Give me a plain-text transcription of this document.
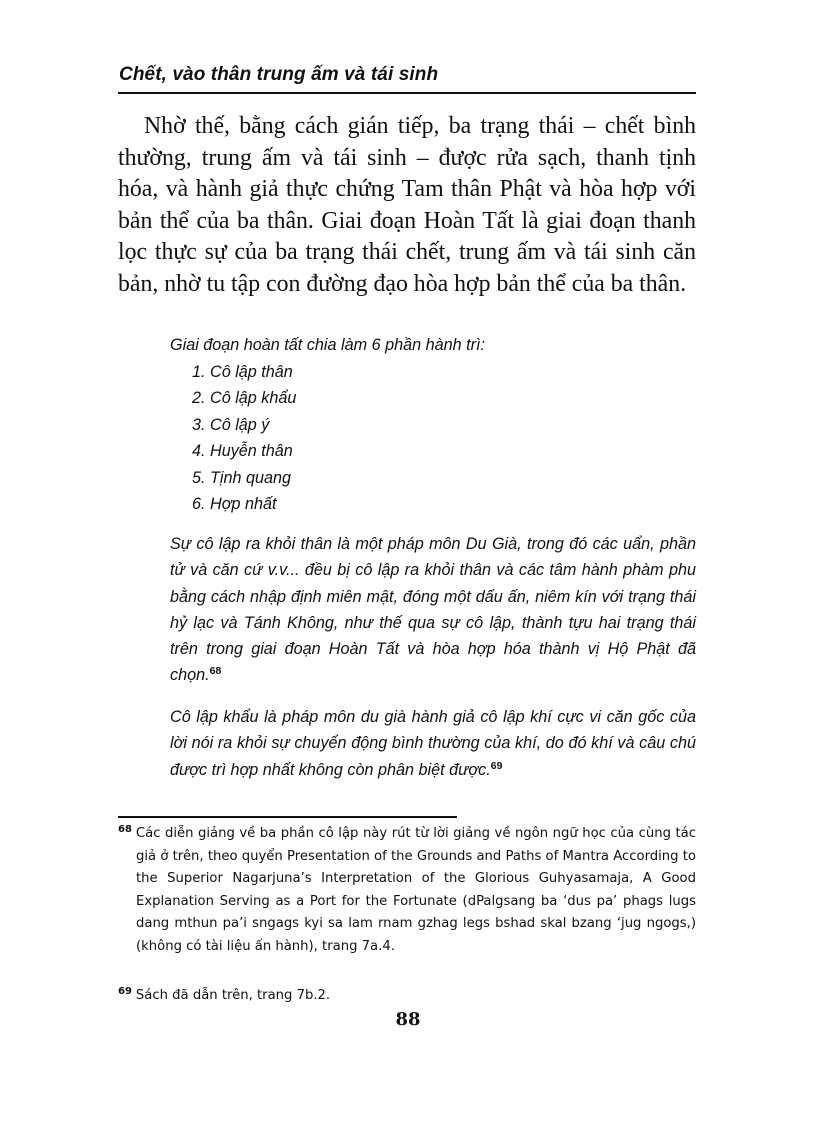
Chết, vào thân trung ấm và tái sinh

Nhờ thế, bằng cách gián tiếp, ba trạng thái – chết bình thường, trung ấm và tái sinh – được rửa sạch, thanh tịnh hóa, và hành giả thực chứng Tam thân Phật và hòa hợp với bản thể của ba thân. Giai đoạn Hoàn Tất là giai đoạn thanh lọc thực sự của ba trạng thái chết, trung ấm và tái sinh căn bản, nhờ tu tập con đường đạo hòa hợp bản thể của ba thân.

Giai đoạn hoàn tất chia làm 6 phần hành trì:

1. Cô lập thân
2. Cô lập khẩu
3. Cô lập ý
4. Huyễn thân
5. Tịnh quang
6. Hợp nhất

Sự cô lập ra khỏi thân là một pháp môn Du Già, trong đó các uẩn, phần tử và căn cứ v.v... đều bị cô lập ra khỏi thân và các tâm hành phàm phu bằng cách nhập định miên mật, đóng một dấu ấn, niêm kín với trạng thái hỷ lạc và Tánh Không, như thế qua sự cô lập, thành tựu hai trạng thái trên trong giai đoạn Hoàn Tất và hòa hợp hóa thành vị Hộ Phật đã chọn.$^{68}$

Cô lập khẩu là pháp môn du già hành giả cô lập khí cực vi căn gốc của lời nói ra khỏi sự chuyển động bình thường của khí, do đó khí và câu chú được trì hợp nhất không còn phân biệt được.$^{69}$

$^{68}$ Các diễn giảng về ba phần cô lập này rút từ lời giảng về ngôn ngữ học của cùng tác giả ở trên, theo quyển Presentation of the Grounds and Paths of Mantra According to the Superior Nagarjuna’s Interpretation of the Glorious Guhyasamaja, A Good Explanation Serving as a Port for the Fortunate (dPalgsang ba ‘dus pa’ phags lugs dang mthun pa’i sngags kyi sa lam rnam gzhag legs bshad skal bzang ‘jug ngogs,) (không có tài liệu ấn hành), trang 7a.4.
$^{69}$ Sách đã dẫn trên, trang 7b.2.
88
